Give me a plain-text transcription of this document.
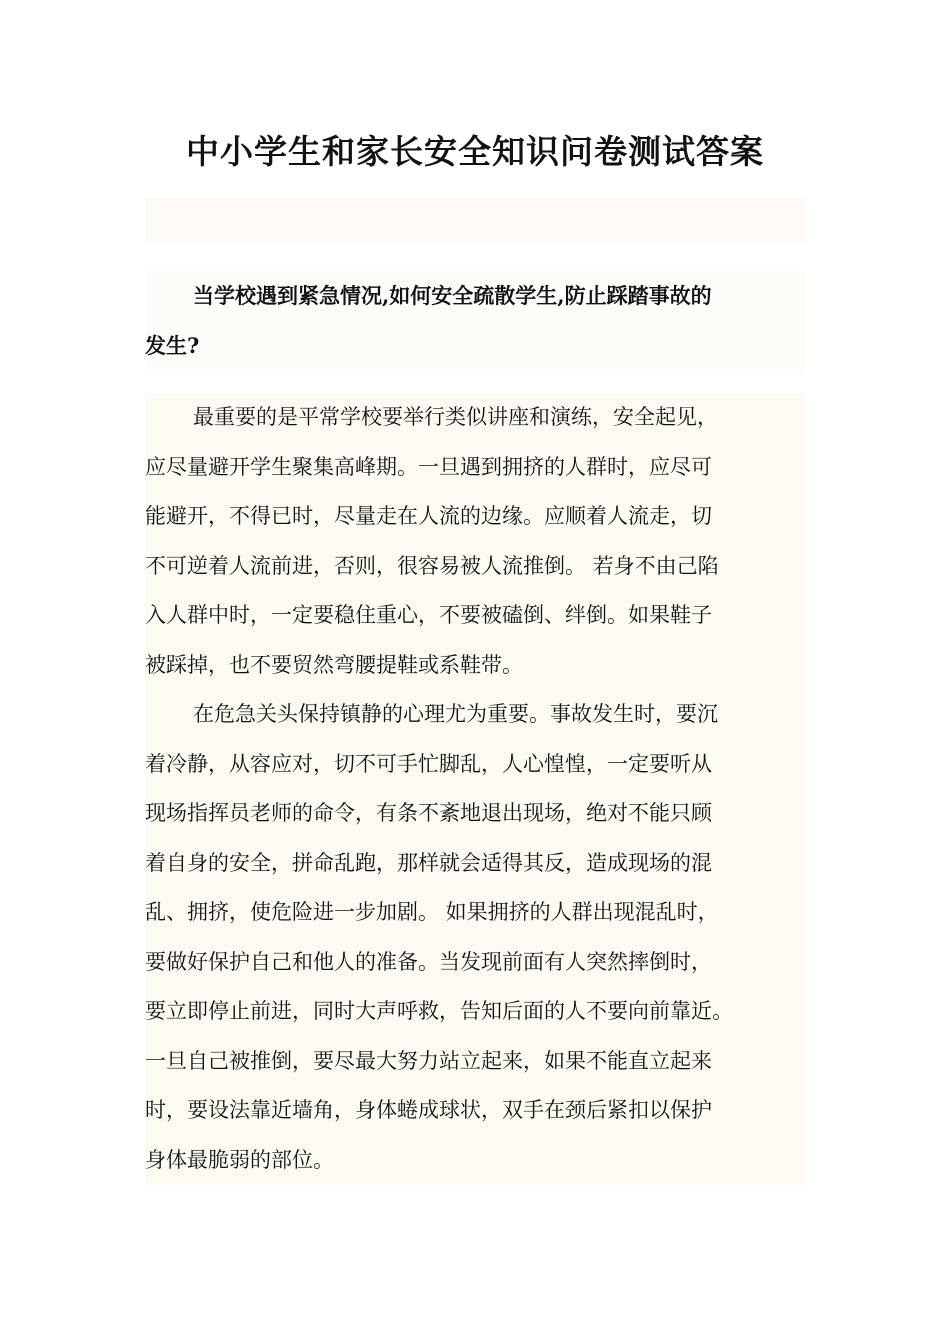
中小学生和家长安全知识问卷测试答案
当学校遇到紧急情况,如何安全疏散学生,防止踩踏事故的
发生?
最重要的是平常学校要举行类似讲座和演练，安全起见，
应尽量避开学生聚集高峰期。一旦遇到拥挤的人群时，应尽可
能避开，不得已时，尽量走在人流的边缘。应顺着人流走，切
不可逆着人流前进，否则，很容易被人流推倒。 若身不由己陷
入人群中时，一定要稳住重心，不要被磕倒、绊倒。如果鞋子
被踩掉，也不要贸然弯腰提鞋或系鞋带。
在危急关头保持镇静的心理尤为重要。事故发生时，要沉
着冷静，从容应对，切不可手忙脚乱，人心惶惶，一定要听从
现场指挥员老师的命令，有条不紊地退出现场，绝对不能只顾
着自身的安全，拼命乱跑，那样就会适得其反，造成现场的混
乱、拥挤，使危险进一步加剧。 如果拥挤的人群出现混乱时，
要做好保护自己和他人的准备。当发现前面有人突然摔倒时，
要立即停止前进，同时大声呼救，告知后面的人不要向前靠近。
一旦自己被推倒，要尽最大努力站立起来，如果不能直立起来
时，要设法靠近墙角，身体蜷成球状，双手在颈后紧扣以保护
身体最脆弱的部位。
